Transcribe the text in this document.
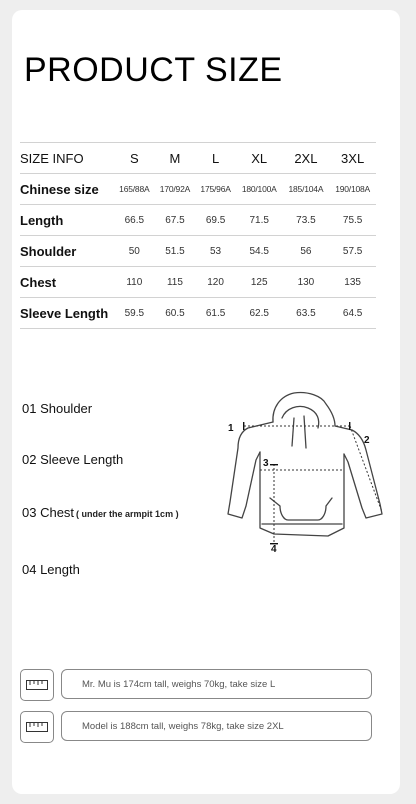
PRODUCT SIZE
SIZE INFO	S	M	L	XL	2XL	3XL
Chinese size	165/88A	170/92A	175/96A	180/100A	185/104A	190/108A
Length	66.5	67.5	69.5	71.5	73.5	75.5
Shoulder	50	51.5	53	54.5	56	57.5
Chest	110	115	120	125	130	135
Sleeve Length	59.5	60.5	61.5	62.5	63.5	64.5

01 Shoulder

02 Sleeve Length

03 Chest ( under the armpit 1cm )

04 Length

1
2
3
4
Mr. Mu is 174cm tall, weighs 70kg, take size L
Model is 188cm tall, weighs 78kg, take size 2XL
